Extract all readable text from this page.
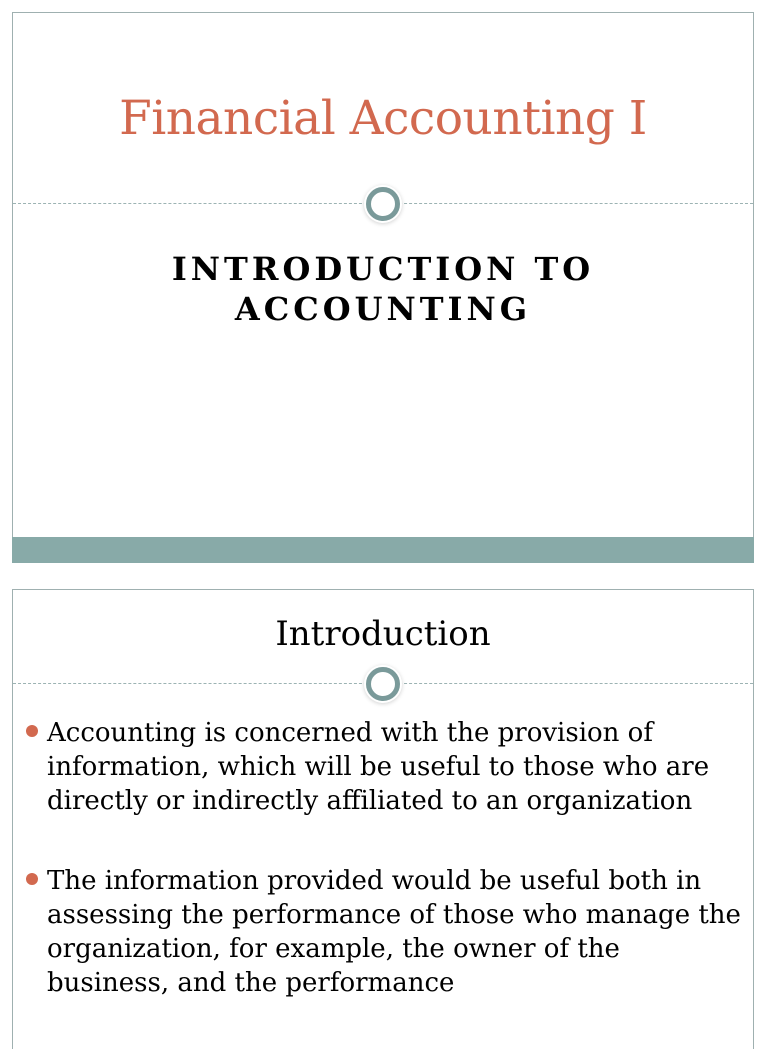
Financial Accounting I
INTRODUCTION TO
ACCOUNTING
Introduction
Accounting is concerned with the provision of information, which will be useful to those who are directly or indirectly affiliated to an organization
The information provided would be useful both in assessing the performance of those who manage the organization, for example, the owner of the business, and the performance
